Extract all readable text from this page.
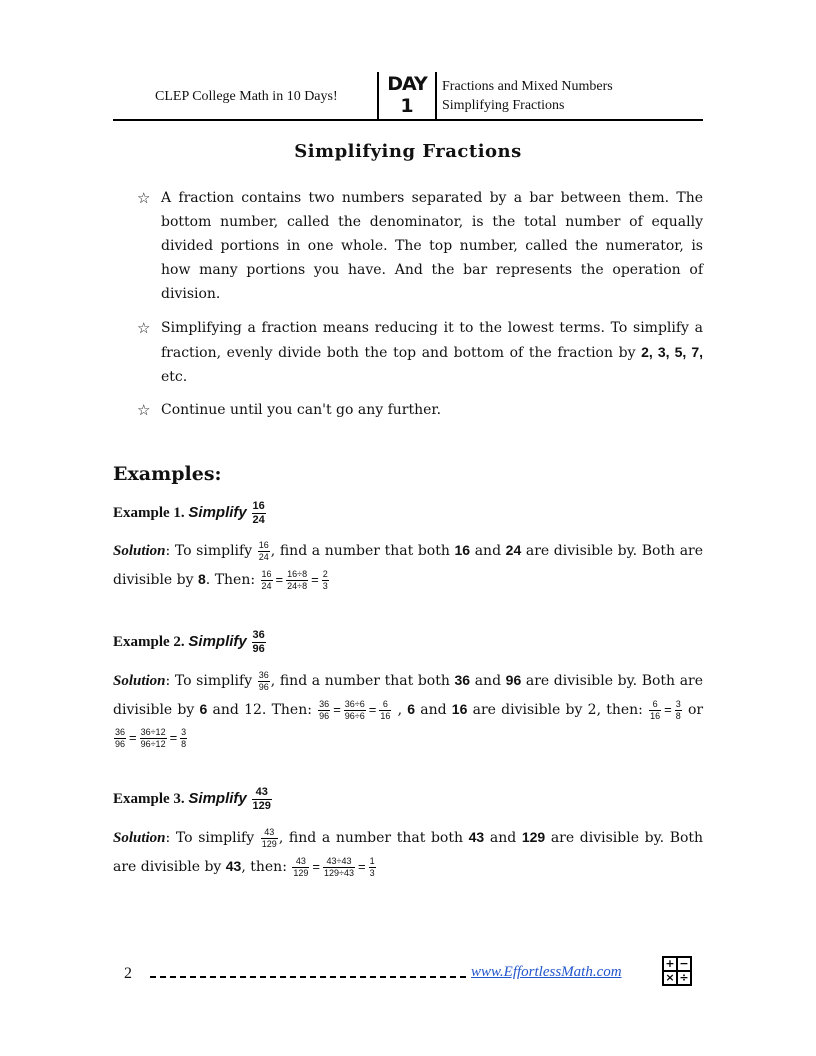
CLEP College Math in 10 Days!
DAY
1
Fractions and Mixed Numbers
Simplifying Fractions
Simplifying Fractions
☆ A fraction contains two numbers separated by a bar between them. The bottom number, called the denominator, is the total number of equally divided portions in one whole. The top number, called the numerator, is how many portions you have. And the bar represents the operation of division.
☆ Simplifying a fraction means reducing it to the lowest terms. To simplify a fraction, evenly divide both the top and bottom of the fraction by 2, 3, 5, 7, etc.
☆ Continue until you can't go any further.
Examples:
Example 1. Simplify $\frac{16}{24}$
Solution: To simplify $\frac{16}{24}$ , find a number that both 16 and 24 are divisible by. Both are divisible by 8. Then: $\frac{16}{24} = \frac{16\div 8}{24\div 8} = \frac{2}{3}$
Example 2. Simplify $\frac{36}{96}$
Solution: To simplify $\frac{36}{96}$ , find a number that both 36 and 96 are divisible by. Both are divisible by 6 and 12. Then: $\frac{36}{96} = \frac{36\div 6}{96\div 6} = \frac{6}{16}$ , 6 and 16 are divisible by 2, then: $\frac{6}{16} = \frac{3}{8}$ or
$\frac{36}{96} = \frac{36\div 12}{96\div 12} = \frac{3}{8}$
Example 3. Simplify $\frac{43}{129}$
Solution: To simplify $\frac{43}{129}$ , find a number that both 43 and 129 are divisible by. Both are divisible by 43, then: $\frac{43}{129} = \frac{43\div 43}{129\div 43} = \frac{1}{3}$
2	www.EffortlessMath.com
+ −
× ÷
